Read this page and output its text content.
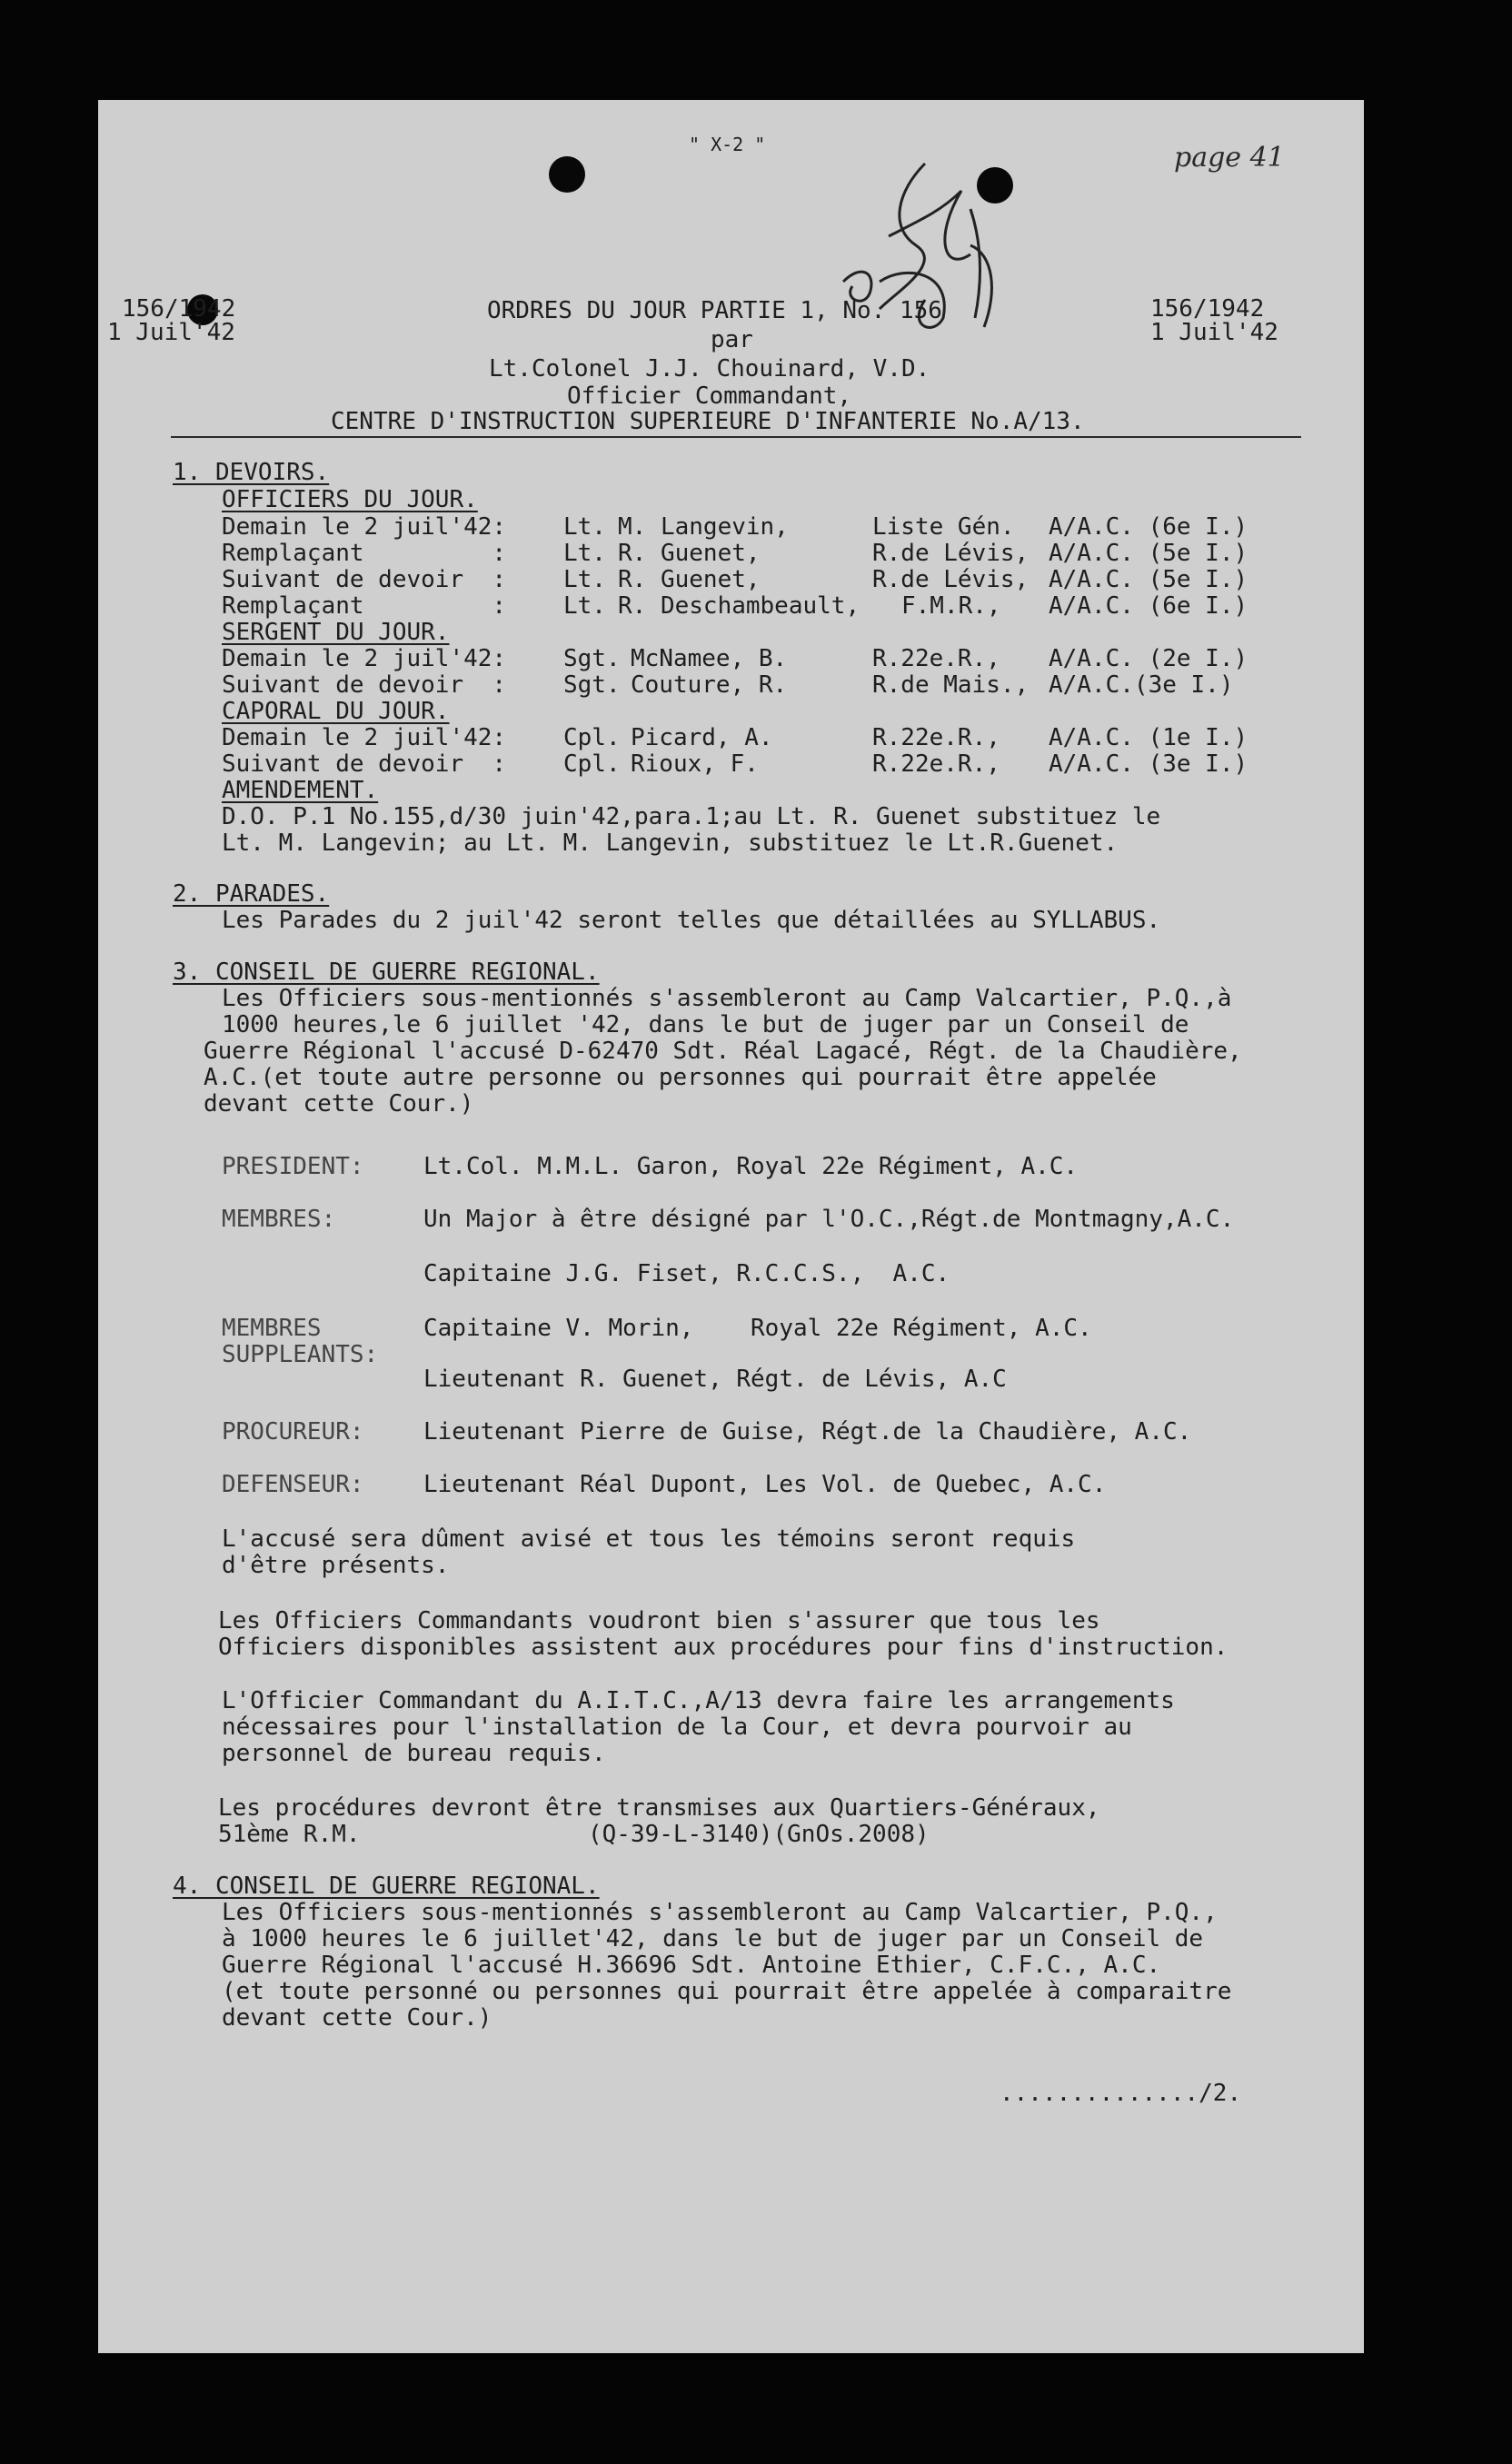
" X-2 "	page 41
156/1942
1 Juil'42
156/1942
1 Juil'42
ORDRES DU JOUR PARTIE 1, No. 156
par
Lt.Colonel J.J. Chouinard, V.D.
Officier Commandant,
CENTRE D'INSTRUCTION SUPERIEURE D'INFANTERIE No.A/13.
1. DEVOIRS.
OFFICIERS DU JOUR.
Demain le 2 juil'42: Lt. M. Langevin,	Liste Gén. A/A.C. (6e I.)
Remplaçant         : Lt. R. Guenet,	R.de Lévis, A/A.C. (5e I.)
Suivant de devoir  : Lt. R. Guenet,	R.de Lévis, A/A.C. (5e I.)
Remplaçant         : Lt. R. Deschambeault, F.M.R., A/A.C. (6e I.)
SERGENT DU JOUR.
Demain le 2 juil'42: Sgt. McNamee, B.	R.22e.R., A/A.C. (2e I.)
Suivant de devoir  : Sgt. Couture, R.	R.de Mais., A/A.C.(3e I.)
CAPORAL DU JOUR.
Demain le 2 juil'42: Cpl. Picard, A.	R.22e.R., A/A.C. (1e I.)
Suivant de devoir  : Cpl. Rioux, F.	R.22e.R., A/A.C. (3e I.)
AMENDEMENT.
D.O. P.1 No.155,d/30 juin'42,para.1;au Lt. R. Guenet substituez le
Lt. M. Langevin; au Lt. M. Langevin, substituez le Lt.R.Guenet.
2. PARADES.
Les Parades du 2 juil'42 seront telles que détaillées au SYLLABUS.
3. CONSEIL DE GUERRE REGIONAL.
Les Officiers sous-mentionnés s'assembleront au Camp Valcartier, P.Q.,à
1000 heures,le 6 juillet '42, dans le but de juger par un Conseil de
Guerre Régional l'accusé D-62470 Sdt. Réal Lagacé, Régt. de la Chaudière,
A.C.(et toute autre personne ou personnes qui pourrait être appelée
devant cette Cour.)
PRESIDENT:	Lt.Col. M.M.L. Garon, Royal 22e Régiment, A.C.
MEMBRES:	Un Major à être désigné par l'O.C.,Régt.de Montmagny,A.C.
Capitaine J.G. Fiset, R.C.C.S.,  A.C.
MEMBRES	Capitaine V. Morin,    Royal 22e Régiment, A.C.
SUPPLEANTS:
Lieutenant R. Guenet, Régt. de Lévis, A.C
PROCUREUR:	Lieutenant Pierre de Guise, Régt.de la Chaudière, A.C.
DEFENSEUR:	Lieutenant Réal Dupont, Les Vol. de Quebec, A.C.
L'accusé sera dûment avisé et tous les témoins seront requis
d'être présents.
Les Officiers Commandants voudront bien s'assurer que tous les
Officiers disponibles assistent aux procédures pour fins d'instruction.
L'Officier Commandant du A.I.T.C.,A/13 devra faire les arrangements
nécessaires pour l'installation de la Cour, et devra pourvoir au
personnel de bureau requis.
Les procédures devront être transmises aux Quartiers-Généraux,
51ème R.M.                (Q-39-L-3140)(GnOs.2008)
4. CONSEIL DE GUERRE REGIONAL.
Les Officiers sous-mentionnés s'assembleront au Camp Valcartier, P.Q.,
à 1000 heures le 6 juillet'42, dans le but de juger par un Conseil de
Guerre Régional l'accusé H.36696 Sdt. Antoine Ethier, C.F.C., A.C.
(et toute personné ou personnes qui pourrait être appelée à comparaitre
devant cette Cour.)
............../2.
